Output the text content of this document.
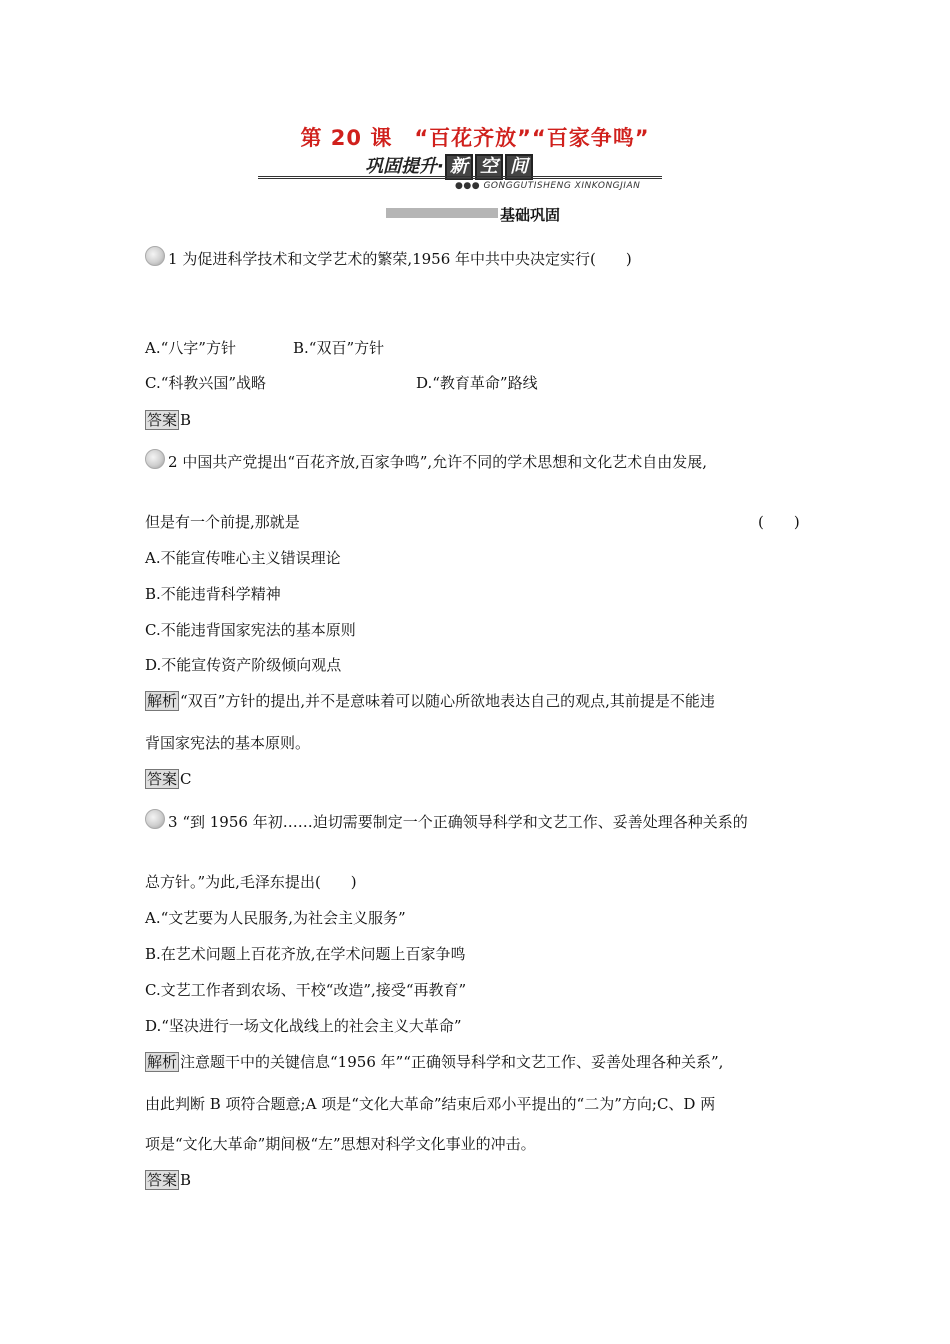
第 20 课　“百花齐放”“百家争鸣”
巩固提升· 新 空 间
●●● GONGGUTISHENG XINKONGJIAN
基础巩固
1 为促进科学技术和文学艺术的繁荣,1956 年中共中央决定实行(　　)
A.“八字”方针	B.“双百”方针
C.“科教兴国”战略	D.“教育革命”路线
答案 B
2 中国共产党提出“百花齐放,百家争鸣”,允许不同的学术思想和文化艺术自由发展,
但是有一个前提,那就是	(　　)
A.不能宣传唯心主义错误理论
B.不能违背科学精神
C.不能违背国家宪法的基本原则
D.不能宣传资产阶级倾向观点
解析 “双百”方针的提出,并不是意味着可以随心所欲地表达自己的观点,其前提是不能违
背国家宪法的基本原则。
答案 C
3 “到 1956 年初……迫切需要制定一个正确领导科学和文艺工作、妥善处理各种关系的
总方针。”为此,毛泽东提出(　　)
A.“文艺要为人民服务,为社会主义服务”
B.在艺术问题上百花齐放,在学术问题上百家争鸣
C.文艺工作者到农场、干校“改造”,接受“再教育”
D.“坚决进行一场文化战线上的社会主义大革命”
解析 注意题干中的关键信息“1956 年”“正确领导科学和文艺工作、妥善处理各种关系”,
由此判断 B 项符合题意;A 项是“文化大革命”结束后邓小平提出的“二为”方向;C、D 两
项是“文化大革命”期间极“左”思想对科学文化事业的冲击。
答案 B
